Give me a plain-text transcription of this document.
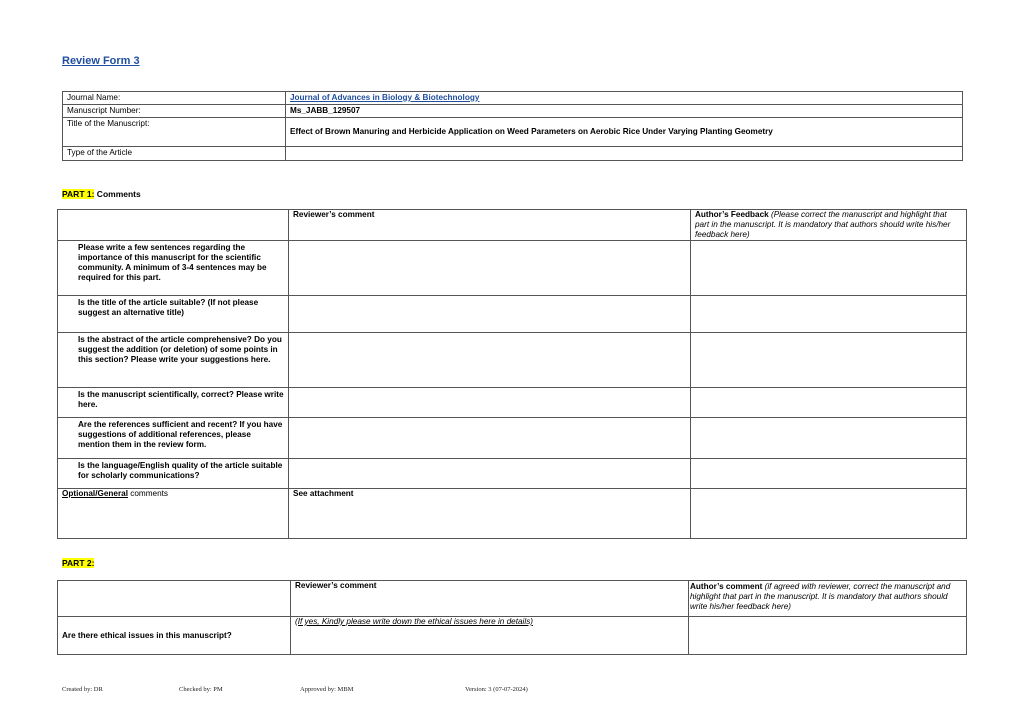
Review Form 3
Journal Name:	Journal of Advances in Biology & Biotechnology
Manuscript Number:	Ms_JABB_129507
Title of the Manuscript:	Effect of Brown Manuring and Herbicide Application on Weed Parameters on Aerobic Rice Under Varying Planting Geometry
Type of the Article	
PART 1: Comments
	Reviewer’s comment	Author’s Feedback (Please correct the manuscript and highlight that part in the manuscript. It is mandatory that authors should write his/her feedback here)
Please write a few sentences regarding the importance of this manuscript for the scientific community. A minimum of 3-4 sentences may be required for this part.		
Is the title of the article suitable? (If not please suggest an alternative title)		
Is the abstract of the article comprehensive? Do you suggest the addition (or deletion) of some points in this section? Please write your suggestions here.		
Is the manuscript scientifically, correct? Please write here.		
Are the references sufficient and recent? If you have suggestions of additional references, please mention them in the review form.		
Is the language/English quality of the article suitable for scholarly communications?		
Optional/General comments	See attachment	
PART 2:
	Reviewer’s comment	Author’s comment (if agreed with reviewer, correct the manuscript and highlight that part in the manuscript. It is mandatory that authors should write his/her feedback here)
Are there ethical issues in this manuscript?	(If yes, Kindly please write down the ethical issues here in details)	
Created by: DR	Checked by: PM	Approved by: MBM	Version: 3 (07-07-2024)
